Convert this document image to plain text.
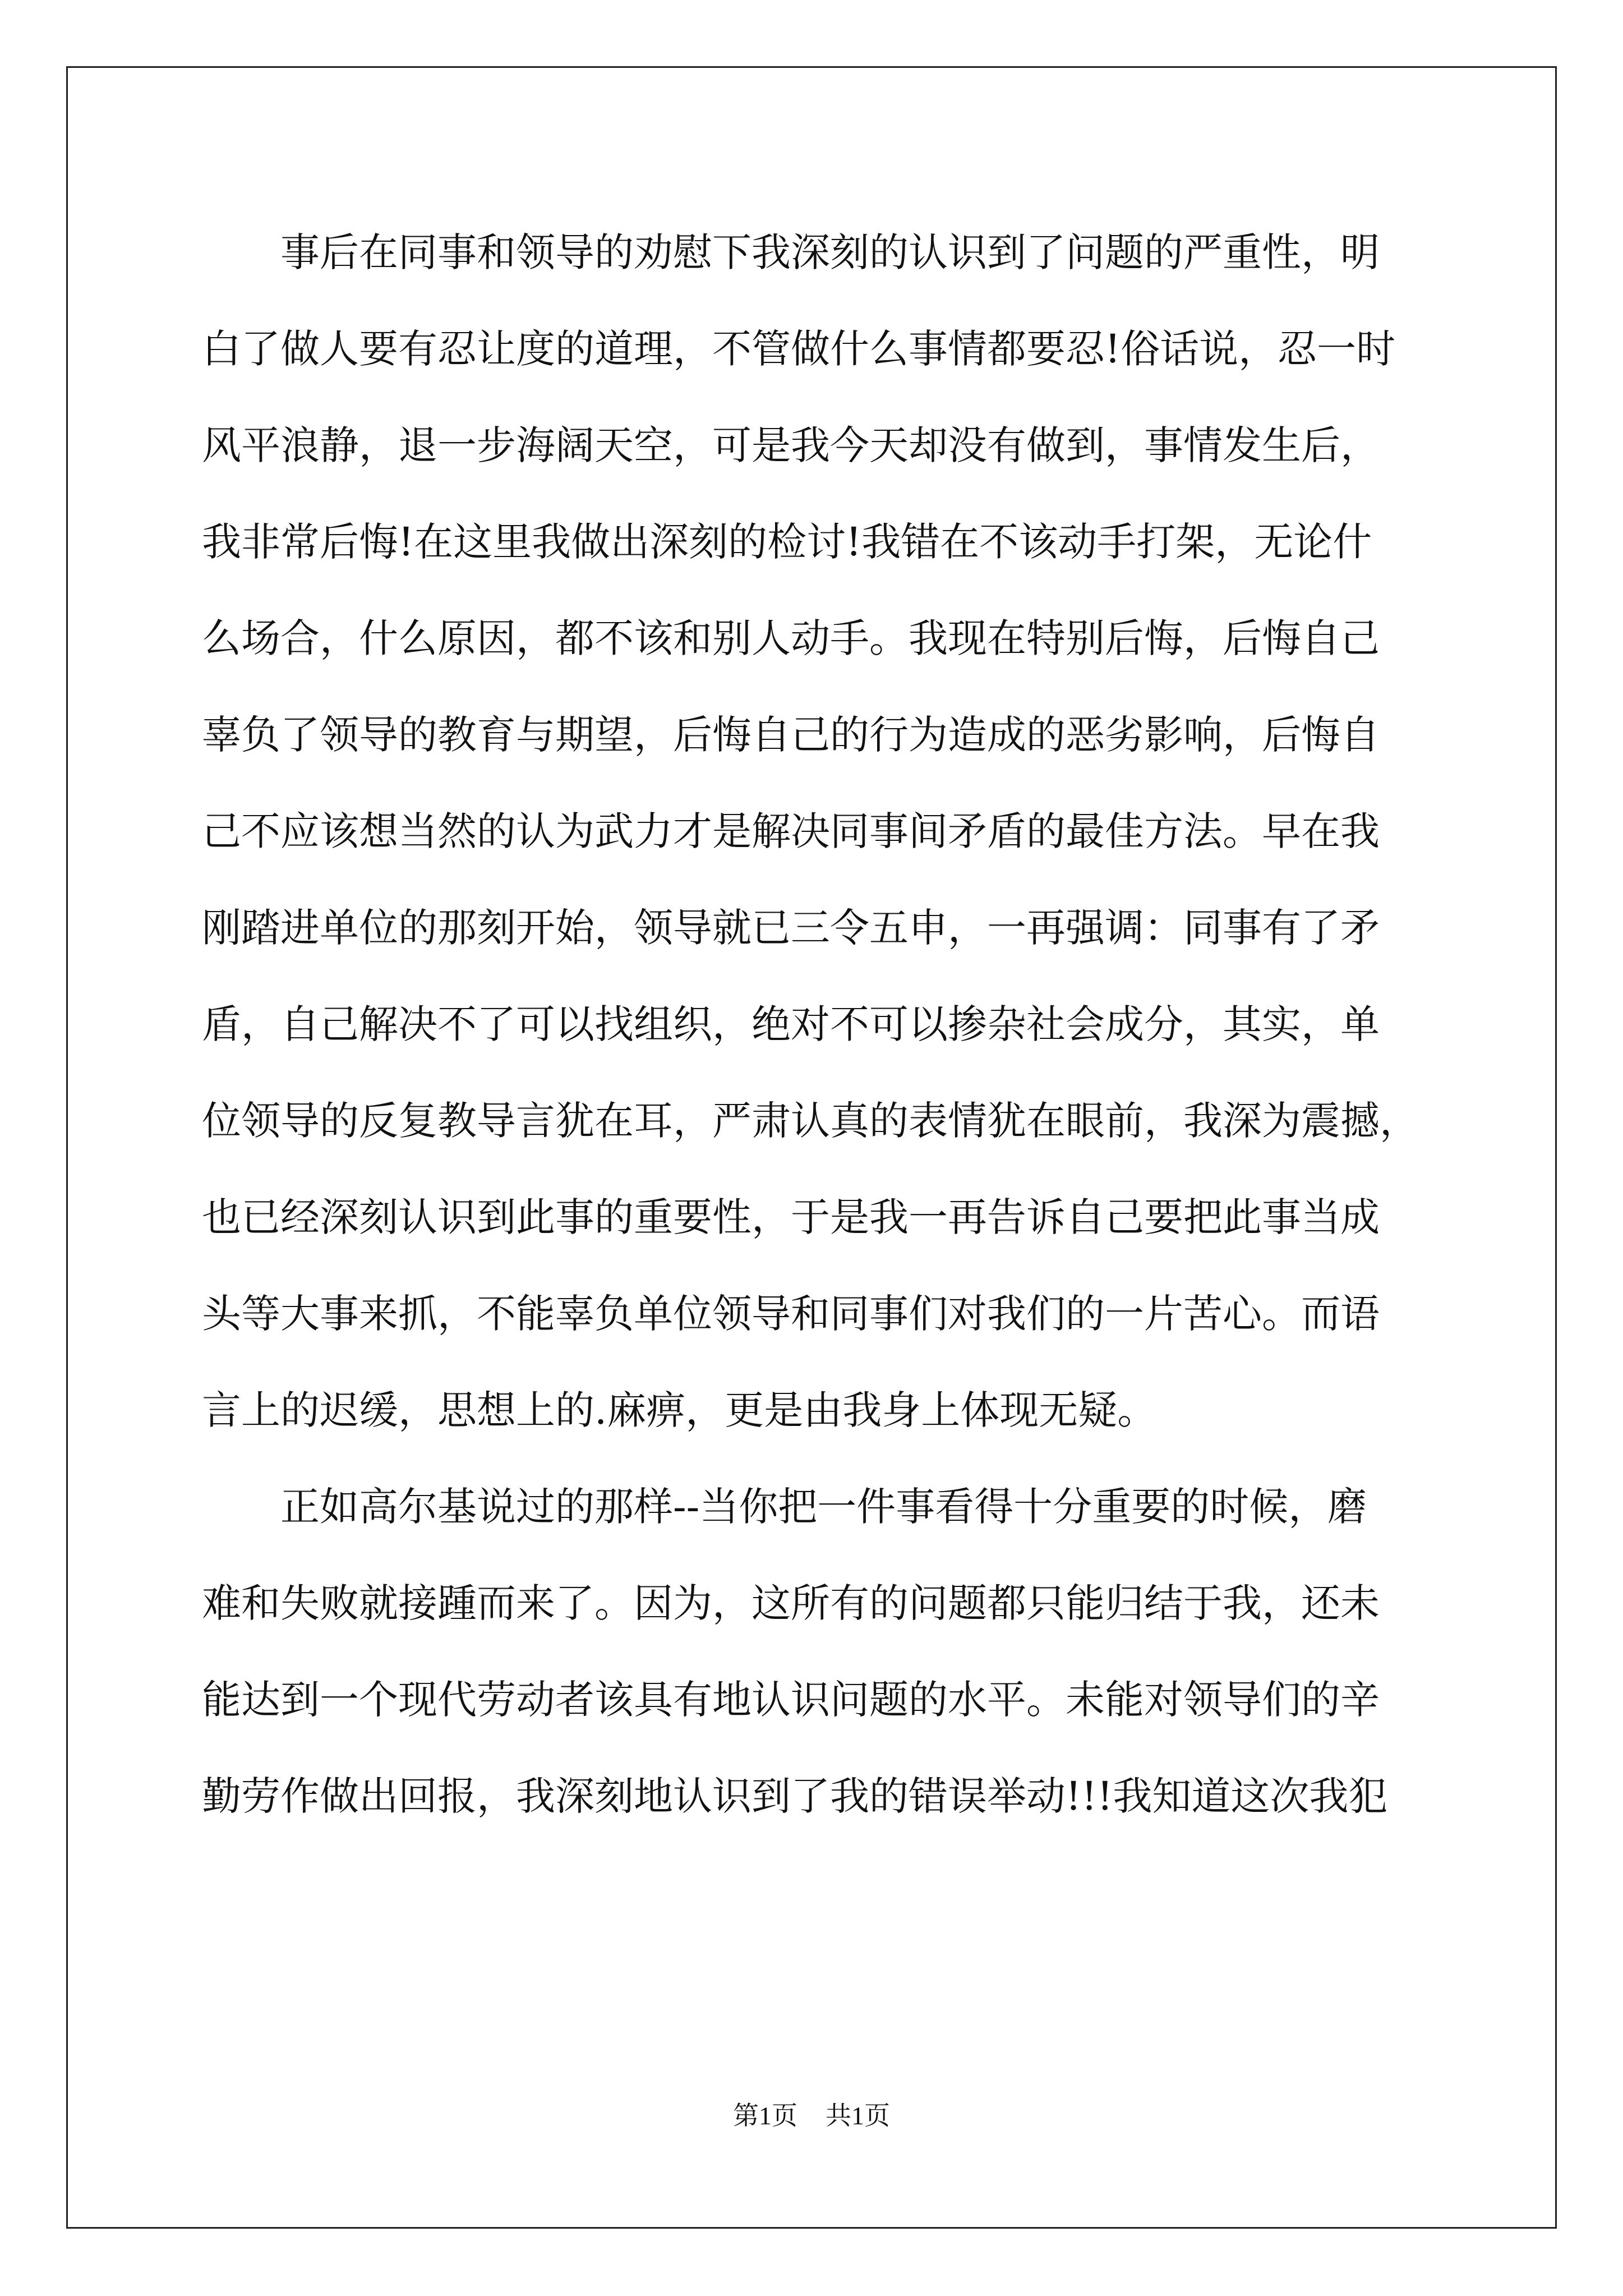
事后在同事和领导的劝慰下我深刻的认识到了问题的严重性，明
白了做人要有忍让度的道理，不管做什么事情都要忍!俗话说，忍一时
风平浪静，退一步海阔天空，可是我今天却没有做到，事情发生后，
我非常后悔!在这里我做出深刻的检讨!我错在不该动手打架，无论什
么场合，什么原因，都不该和别人动手。我现在特别后悔，后悔自己
辜负了领导的教育与期望，后悔自己的行为造成的恶劣影响，后悔自
己不应该想当然的认为武力才是解决同事间矛盾的最佳方法。早在我
刚踏进单位的那刻开始，领导就已三令五申，一再强调：同事有了矛
盾，自己解决不了可以找组织，绝对不可以掺杂社会成分，其实，单
位领导的反复教导言犹在耳，严肃认真的表情犹在眼前，我深为震撼，
也已经深刻认识到此事的重要性，于是我一再告诉自己要把此事当成
头等大事来抓，不能辜负单位领导和同事们对我们的一片苦心。而语
言上的迟缓，思想上的.麻痹，更是由我身上体现无疑。
正如高尔基说过的那样--当你把一件事看得十分重要的时候，磨
难和失败就接踵而来了。因为，这所有的问题都只能归结于我，还未
能达到一个现代劳动者该具有地认识问题的水平。未能对领导们的辛
勤劳作做出回报，我深刻地认识到了我的错误举动!!!我知道这次我犯
第1页 共1页
